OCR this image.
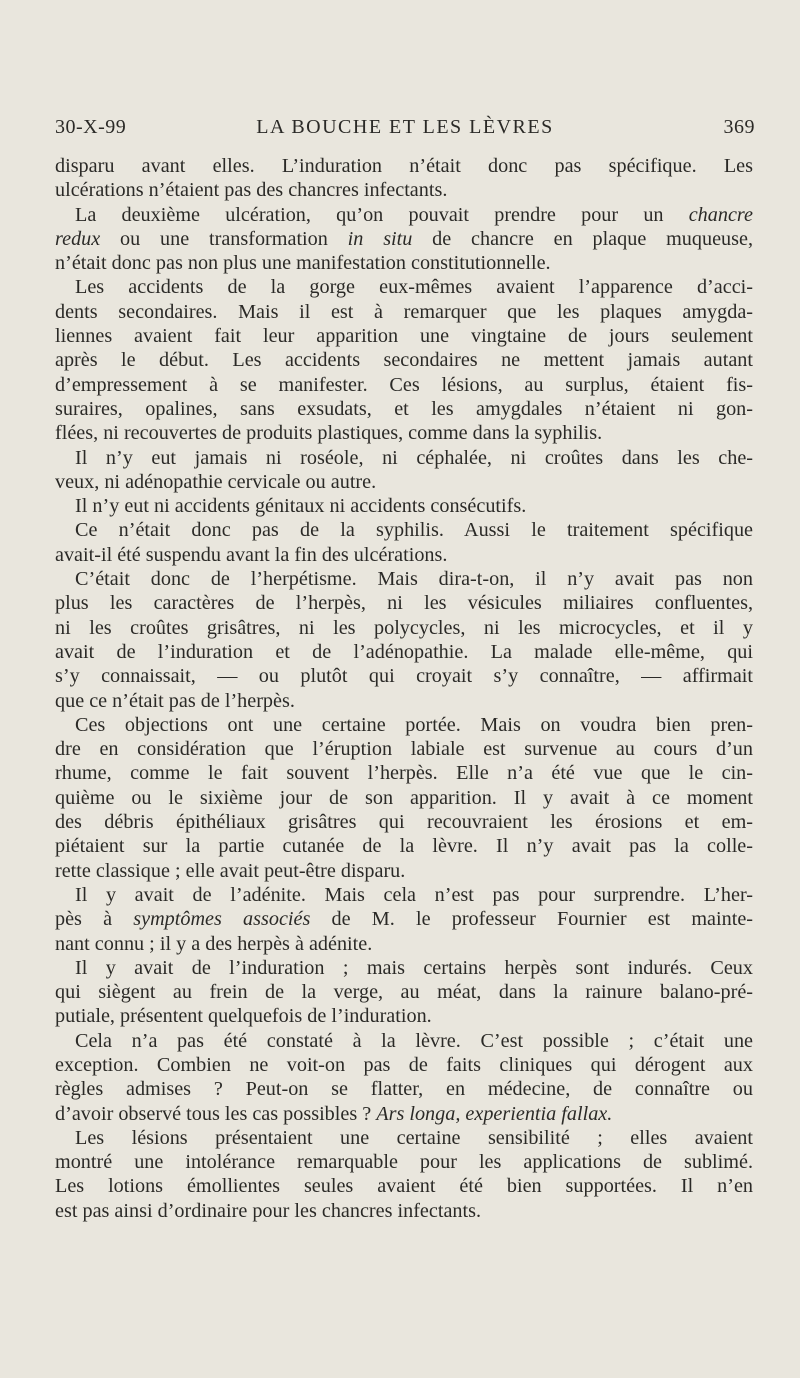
30-X-99	LA BOUCHE ET LES LÈVRES	369

disparu avant elles. L’induration n’était donc pas spécifique. Les

ulcérations n’étaient pas des chancres infectants.

La deuxième ulcération, qu’on pouvait prendre pour un chancre

redux ou une transformation in situ de chancre en plaque muqueuse,

n’était donc pas non plus une manifestation constitutionnelle.

Les accidents de la gorge eux-mêmes avaient l’apparence d’acci-

dents secondaires. Mais il est à remarquer que les plaques amygda-

liennes avaient fait leur apparition une vingtaine de jours seulement

après le début. Les accidents secondaires ne mettent jamais autant

d’empressement à se manifester. Ces lésions, au surplus, étaient fis-

suraires, opalines, sans exsudats, et les amygdales n’étaient ni gon-

flées, ni recouvertes de produits plastiques, comme dans la syphilis.

Il n’y eut jamais ni roséole, ni céphalée, ni croûtes dans les che-

veux, ni adénopathie cervicale ou autre.

Il n’y eut ni accidents génitaux ni accidents consécutifs.

Ce n’était donc pas de la syphilis. Aussi le traitement spécifique

avait-il été suspendu avant la fin des ulcérations.

C’était donc de l’herpétisme. Mais dira-t-on, il n’y avait pas non

plus les caractères de l’herpès, ni les vésicules miliaires confluentes,

ni les croûtes grisâtres, ni les polycycles, ni les microcycles, et il y

avait de l’induration et de l’adénopathie. La malade elle-même, qui

s’y connaissait, — ou plutôt qui croyait s’y connaître, — affirmait

que ce n’était pas de l’herpès.

Ces objections ont une certaine portée. Mais on voudra bien pren-

dre en considération que l’éruption labiale est survenue au cours d’un

rhume, comme le fait souvent l’herpès. Elle n’a été vue que le cin-

quième ou le sixième jour de son apparition. Il y avait à ce moment

des débris épithéliaux grisâtres qui recouvraient les érosions et em-

piétaient sur la partie cutanée de la lèvre. Il n’y avait pas la colle-

rette classique ; elle avait peut-être disparu.

Il y avait de l’adénite. Mais cela n’est pas pour surprendre. L’her-

pès à symptômes associés de M. le professeur Fournier est mainte-

nant connu ; il y a des herpès à adénite.

Il y avait de l’induration ; mais certains herpès sont indurés. Ceux

qui siègent au frein de la verge, au méat, dans la rainure balano-pré-

putiale, présentent quelquefois de l’induration.

Cela n’a pas été constaté à la lèvre. C’est possible ; c’était une

exception. Combien ne voit-on pas de faits cliniques qui dérogent aux

règles admises ? Peut-on se flatter, en médecine, de connaître ou

d’avoir observé tous les cas possibles ? Ars longa, experientia fallax.

Les lésions présentaient une certaine sensibilité ; elles avaient

montré une intolérance remarquable pour les applications de sublimé.

Les lotions émollientes seules avaient été bien supportées. Il n’en

est pas ainsi d’ordinaire pour les chancres infectants.
